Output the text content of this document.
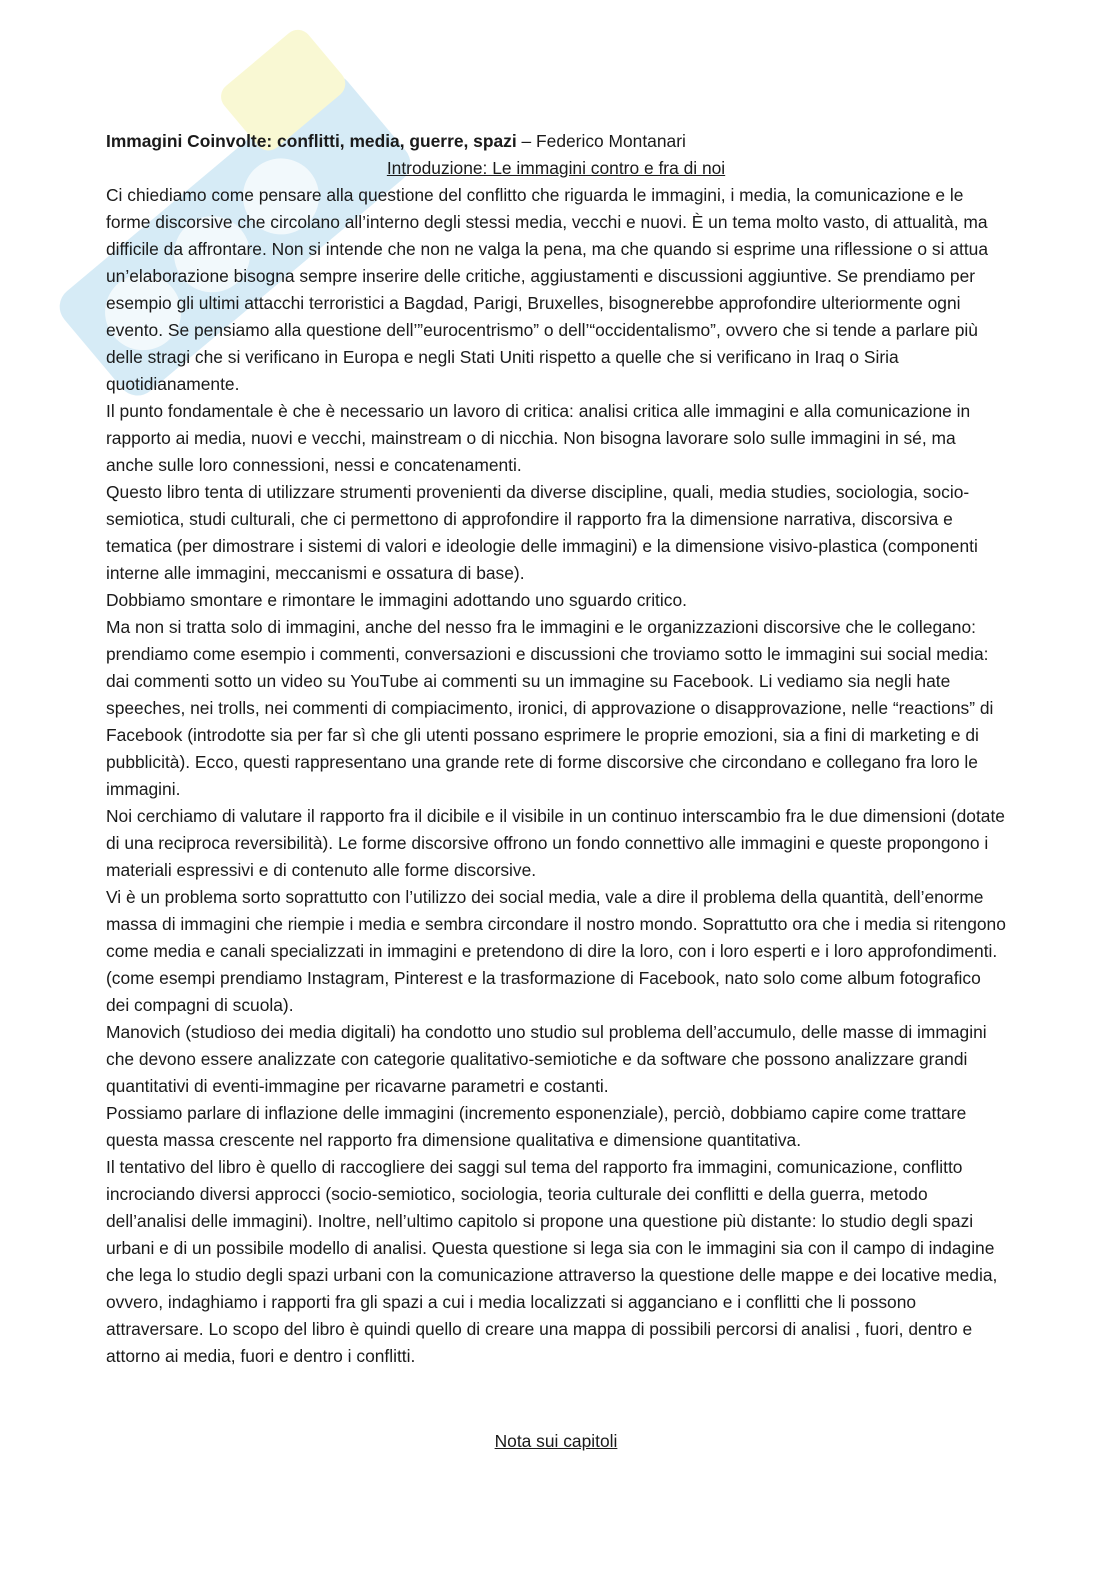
Immagini Coinvolte: conflitti, media, guerre, spazi – Federico Montanari

Introduzione: Le immagini contro e fra di noi

Ci chiediamo come pensare alla questione del conflitto che riguarda le immagini, i media, la comunicazione e le forme discorsive che circolano all’interno degli stessi media, vecchi e nuovi. È un tema molto vasto, di attualità, ma difficile da affrontare. Non si intende che non ne valga la pena, ma che quando si esprime una riflessione o si attua un’elaborazione bisogna sempre inserire delle critiche, aggiustamenti e discussioni aggiuntive. Se prendiamo per esempio gli ultimi attacchi terroristici a Bagdad, Parigi, Bruxelles, bisognerebbe approfondire ulteriormente ogni evento. Se pensiamo alla questione dell’”eurocentrismo” o dell’“occidentalismo”, ovvero che si tende a parlare più delle stragi che si verificano in Europa e negli Stati Uniti rispetto a quelle che si verificano in Iraq o Siria quotidianamente.

Il punto fondamentale è che è necessario un lavoro di critica: analisi critica alle immagini e alla comunicazione in rapporto ai media, nuovi e vecchi, mainstream o di nicchia. Non bisogna lavorare solo sulle immagini in sé, ma anche sulle loro connessioni, nessi e concatenamenti.

Questo libro tenta di utilizzare strumenti provenienti da diverse discipline, quali, media studies, sociologia, socio-semiotica, studi culturali, che ci permettono di approfondire il rapporto fra la dimensione narrativa, discorsiva e tematica (per dimostrare i sistemi di valori e ideologie delle immagini) e la dimensione visivo-plastica (componenti interne alle immagini, meccanismi e ossatura di base).

Dobbiamo smontare e rimontare le immagini adottando uno sguardo critico.

Ma non si tratta solo di immagini, anche del nesso fra le immagini e le organizzazioni discorsive che le collegano: prendiamo come esempio i commenti, conversazioni e discussioni che troviamo sotto le immagini sui social media: dai commenti sotto un video su YouTube ai commenti su un immagine su Facebook. Li vediamo sia negli hate speeches, nei trolls, nei commenti di compiacimento, ironici, di approvazione o disapprovazione, nelle “reactions” di Facebook (introdotte sia per far sì che gli utenti possano esprimere le proprie emozioni, sia a fini di marketing e di pubblicità). Ecco, questi rappresentano una grande rete di forme discorsive che circondano e collegano fra loro le immagini.

Noi cerchiamo di valutare il rapporto fra il dicibile e il visibile in un continuo interscambio fra le due dimensioni (dotate di una reciproca reversibilità). Le forme discorsive offrono un fondo connettivo alle immagini e queste propongono i materiali espressivi e di contenuto alle forme discorsive.

Vi è un problema sorto soprattutto con l’utilizzo dei social media, vale a dire il problema della quantità, dell’enorme massa di immagini che riempie i media e sembra circondare il nostro mondo. Soprattutto ora che i media si ritengono come media e canali specializzati in immagini e pretendono di dire la loro, con i loro esperti e i loro approfondimenti. (come esempi prendiamo Instagram, Pinterest e la trasformazione di Facebook, nato solo come album fotografico dei compagni di scuola).

Manovich (studioso dei media digitali) ha condotto uno studio sul problema dell’accumulo, delle masse di immagini che devono essere analizzate con categorie qualitativo-semiotiche e da software che possono analizzare grandi quantitativi di eventi-immagine per ricavarne parametri e costanti.

Possiamo parlare di inflazione delle immagini (incremento esponenziale), perciò, dobbiamo capire come trattare questa massa crescente nel rapporto fra dimensione qualitativa e dimensione quantitativa.

Il tentativo del libro è quello di raccogliere dei saggi sul tema del rapporto fra immagini, comunicazione, conflitto incrociando diversi approcci (socio-semiotico, sociologia, teoria culturale dei conflitti e della guerra, metodo dell’analisi delle immagini). Inoltre, nell’ultimo capitolo si propone una questione più distante: lo studio degli spazi urbani e di un possibile modello di analisi. Questa questione si lega sia con le immagini sia con il campo di indagine che lega lo studio degli spazi urbani con la comunicazione attraverso la questione delle mappe e dei locative media, ovvero, indaghiamo i rapporti fra gli spazi a cui i media localizzati si agganciano e i conflitti che li possono attraversare. Lo scopo del libro è quindi quello di creare una mappa di possibili percorsi di analisi , fuori, dentro e attorno ai media, fuori e dentro i conflitti.

Nota sui capitoli
